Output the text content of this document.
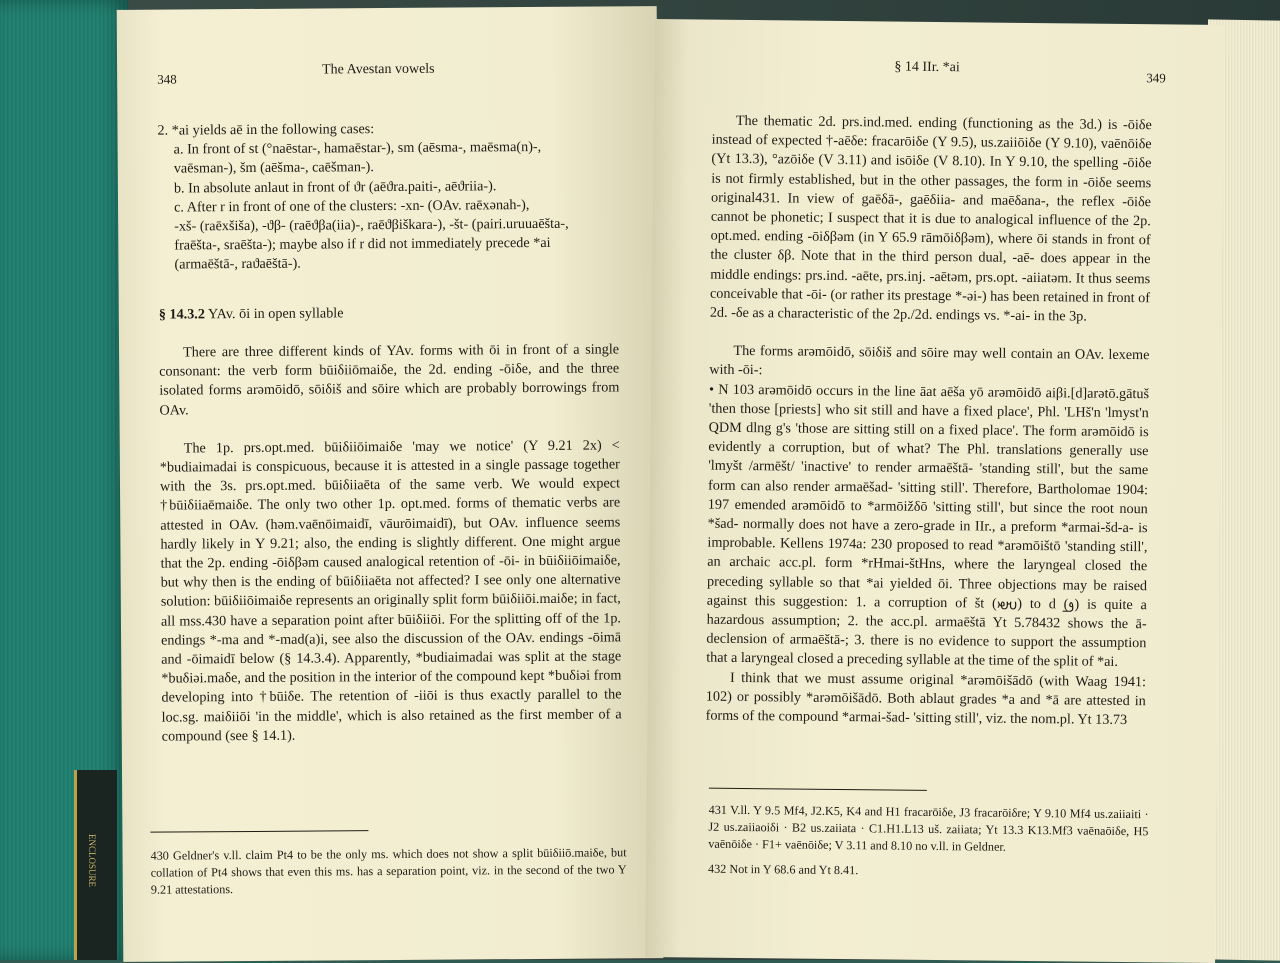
ENCLOSURE
348
The Avestan vowels
2. *ai yields aē in the following cases:
a. In front of st (°naēstar-, hamaēstar-), sm (aēsma-, maēsma(n)-,
vaēsman-), šm (aēšma-, caēšman-).
b. In absolute anlaut in front of ϑr (aēϑra.paiti-, aēϑriia-).
c. After r in front of one of the clusters: -xn- (OAv. raēxənah-),
-xš- (raēxšiša), -ϑβ- (raēϑβa(iia)-, raēϑβiškara-), -št- (pairi.uruuaēšta-,
fraēšta-, sraēšta-); maybe also if r did not immediately precede *ai
(armaēštā-, raϑaēštā-).
§ 14.3.2 YAv. ōi in open syllable

There are three different kinds of YAv. forms with ōi in front of a single consonant: the verb form būiδiiōmaiδe, the 2d. ending -ōiδe, and the three isolated forms arəmōidō, sōiδiš and sōire which are probably borrowings from OAv.

The 1p. prs.opt.med. būiδiiōimaiδe 'may we notice' (Y 9.21 2x) < *budiaimadai is conspicuous, because it is attested in a single passage together with the 3s. prs.opt.med. būiδiiaēta of the same verb. We would expect †būiδiiaēmaiδe. The only two other 1p. opt.med. forms of thematic verbs are attested in OAv. (həm.vaēnōimaidī, vāurōimaidī), but OAv. influence seems hardly likely in Y 9.21; also, the ending is slightly different. One might argue that the 2p. ending -ōiδβəm caused analogical retention of -ōi- in būiδiiōimaiδe, but why then is the ending of būiδiiaēta not affected? I see only one alternative solution: būiδiiōimaiδe represents an originally split form būiδiiōi.maiδe; in fact, all mss.430 have a separation point after būiδiiōi. For the splitting off of the 1p. endings *-ma and *-mad(a)i, see also the discussion of the OAv. endings -ōimā and -ōimaidī below (§ 14.3.4). Apparently, *budiaimadai was split at the stage *buδiəi.maδe, and the position in the interior of the compound kept *buδiəi from developing into †būiδe. The retention of -iiōi is thus exactly parallel to the loc.sg. maiδiiōi 'in the middle', which is also retained as the first member of a compound (see § 14.1).

430 Geldner's v.ll. claim Pt4 to be the only ms. which does not show a split būiδiiō.maiδe, but collation of Pt4 shows that even this ms. has a separation point, viz. in the second of the two Y 9.21 attestations.

§ 14 IIr. *ai
349

The thematic 2d. prs.ind.med. ending (functioning as the 3d.) is -ōiδe instead of expected †-aēδe: fracarōiδe (Y 9.5), us.zaiiōiδe (Y 9.10), vaēnōiδe (Yt 13.3), °azōiδe (V 3.11) and isōiδe (V 8.10). In Y 9.10, the spelling -ōiδe is not firmly established, but in the other passages, the form in -ōiδe seems original431. In view of gaēδā-, gaēδiia- and maēδana-, the reflex -ōiδe cannot be phonetic; I suspect that it is due to analogical influence of the 2p. opt.med. ending -ōiδβəm (in Y 65.9 rāmōiδβəm), where ōi stands in front of the cluster δβ. Note that in the third person dual, -aē- does appear in the middle endings: prs.ind. -aēte, prs.inj. -aētəm, prs.opt. -aiiatəm. It thus seems conceivable that -ōi- (or rather its prestage *-əi-) has been retained in front of 2d. -δe as a characteristic of the 2p./2d. endings vs. *-ai- in the 3p.

The forms arəmōidō, sōiδiš and sōire may well contain an OAv. lexeme with -ōi-:

• N 103 arəmōidō occurs in the line āat aēša yō arəmōidō aiβi.[d]arətō.gātuš 'then those [priests] who sit still and have a fixed place', Phl. 'LHš'n 'lmyst'n QDM dlng g's 'those are sitting still on a fixed place'. The form arəmōidō is evidently a corruption, but of what? The Phl. translations generally use 'lmyšt /armēšt/ 'inactive' to render armaēštā- 'standing still', but the same form can also render armaēšad- 'sitting still'. Therefore, Bartholomae 1904: 197 emended arəmōidō to *armōižδō 'sitting still', but since the root noun *šad- normally does not have a zero-grade in IIr., a preform *armai-šd-a- is improbable. Kellens 1974a: 230 proposed to read *arəmōištō 'standing still', an archaic acc.pl. form *rHmai-štHns, where the laryngeal closed the preceding syllable so that *ai yielded ōi. Three objections may be raised against this suggestion: 1. a corruption of št (𐬱𐬙) to d (𐬛) is quite a hazardous assumption; 2. the acc.pl. armaēštā Yt 5.78432 shows the ā-declension of armaēštā-; 3. there is no evidence to support the assumption that a laryngeal closed a preceding syllable at the time of the split of *ai.

I think that we must assume original *arəmōišādō (with Waag 1941: 102) or possibly *arəmōišādō. Both ablaut grades *a and *ā are attested in forms of the compound *armai-šad- 'sitting still', viz. the nom.pl. Yt 13.73

431 V.ll. Y 9.5 Mf4, J2.K5, K4 and H1 fracarōiδe, J3 fracarōiδre; Y 9.10 Mf4 us.zaiiaiti · J2 us.zaiiaoiδi · B2 us.zaiiata · C1.H1.L13 uš. zaiiata; Yt 13.3 K13.Mf3 vaēnaōiδe, H5 vaēnōiδe · F1+ vaēnōiδe; V 3.11 and 8.10 no v.ll. in Geldner.

432 Not in Y 68.6 and Yt 8.41.
